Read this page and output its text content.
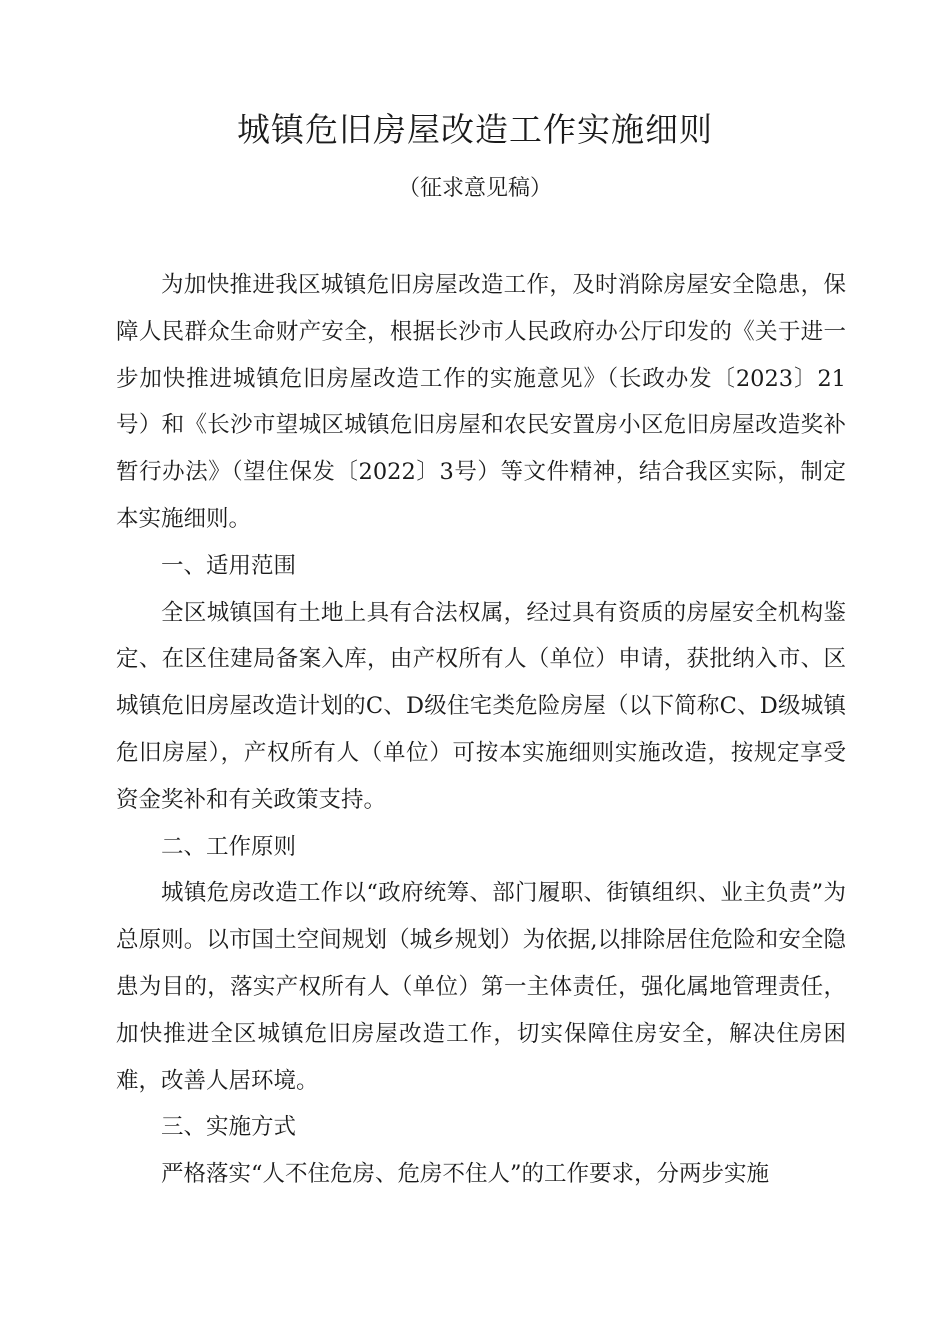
城镇危旧房屋改造工作实施细则
（征求意见稿）

为加快推进我区城镇危旧房屋改造工作，及时消除房屋安全隐患，保障人民群众生命财产安全，根据长沙市人民政府办公厅印发的《关于进一步加快推进城镇危旧房屋改造工作的实施意见》（长政办发〔2023〕21号）和《长沙市望城区城镇危旧房屋和农民安置房小区危旧房屋改造奖补暂行办法》（望住保发〔2022〕3号）等文件精神，结合我区实际，制定本实施细则。

一、适用范围

全区城镇国有土地上具有合法权属，经过具有资质的房屋安全机构鉴定、在区住建局备案入库，由产权所有人（单位）申请，获批纳入市、区城镇危旧房屋改造计划的C、D级住宅类危险房屋（以下简称C、D级城镇危旧房屋），产权所有人（单位）可按本实施细则实施改造，按规定享受资金奖补和有关政策支持。

二、工作原则

城镇危房改造工作以“政府统筹、部门履职、街镇组织、业主负责”为总原则。以市国土空间规划（城乡规划）为依据,以排除居住危险和安全隐患为目的，落实产权所有人（单位）第一主体责任，强化属地管理责任，加快推进全区城镇危旧房屋改造工作，切实保障住房安全，解决住房困难，改善人居环境。

三、实施方式

严格落实“人不住危房、危房不住人”的工作要求，分两步实施
